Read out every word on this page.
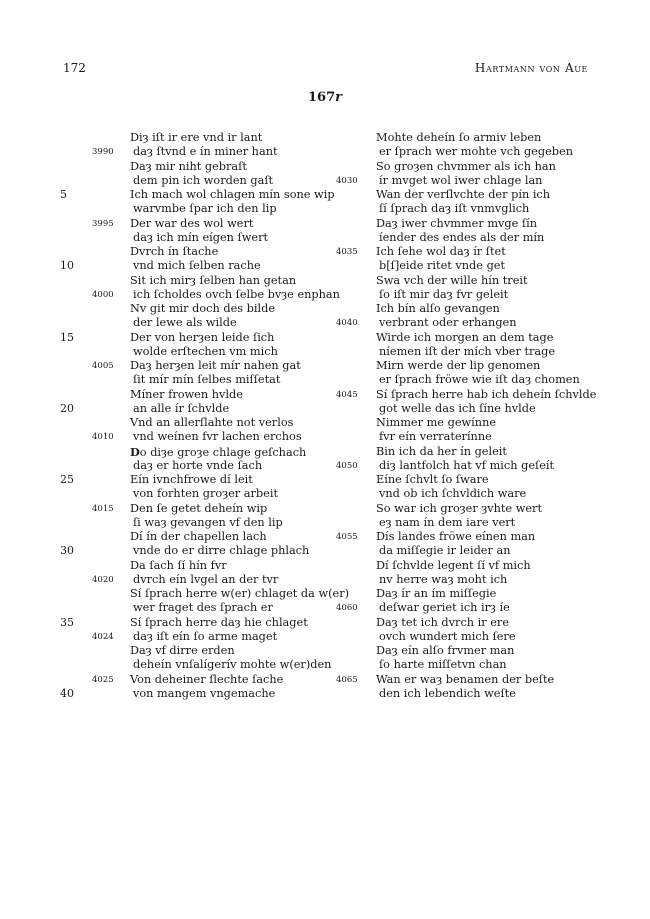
172	Hartmann von Aue
167r
Diȝ iſt ir ere vnd ir lant
3990 daȝ ſtvnd e ín miner hant
Daȝ mir niht gebraſt
dem pin ich worden gaſt
5	Ich mach wol chlagen mín sone wip
warvmbe ſpar ich den lip
3995 Der war des wol wert
daȝ ich mín eígen ſwert
Dvrch ín ſtache
10	vnd mich ſelben rache
Sit ich mirȝ ſelben han getan
4000 ich ſcholdes ovch ſelbe bvȝe enphan
Nv git mir doch des bilde
der lewe als wilde
15	Der von herȝen leide ſich
wolde erſtechen vm mich
4005 Daȝ herȝen leit mír nahen gat
ſit mír mín ſelbes miſſetat
Míner frowen hvlde
20	an alle ír ſchvlde
Vnd an allerſlahte not verlos
4010 vnd weínen fvr lachen erchos
Do diȝe groȝe chlage geſchach
daȝ er horte vnde ſach
25	Eín ivnchfrowe dí leit
von forhten groȝer arbeit
4015 Den ſe getet deheín wip
ſi waȝ gevangen vf den lip
Dí ín der chapellen lach
30	vnde do er dirre chlage phlach
Da ſach ſí hín fvr
4020 dvrch eín lvgel an der tvr
Sí ſprach herre w(er) chlaget da w(er)
wer fraget des ſprach er
35	Sí ſprach herre daȝ hie chlaget
4024 daȝ iſt eín ſo arme maget
Daȝ vf dirre erden
deheín vnſalígerív mohte w(er)den
4025 Von deheiner ſlechte ſache
40	von mangem vngemache
Mohte deheín ſo armiv leben
er ſprach wer mohte vch gegeben
So groȝen chvmmer als ich han
4030 ír mvget wol iwer chlage lan
Wan der verſlvchte der pín ich
ſí ſprach daȝ iſt vnmvglich
Daȝ iwer chvmmer mvge ſín
íender des endes als der mín
4035 Ich ſehe wol daȝ ír ſtet
b[ſ]eide ritet vnde get
Swa vch der wille hín treit
ſo iſt mir daȝ fvr geleit
Ich bín alſo gevangen
4040 verbrant oder erhangen
Wirde ich morgen an dem tage
níemen iſt der mích vber trage
Mirn werde der lip genomen
er ſprach frӧwe wie iſt daȝ chomen
4045 Sí ſprach herre hab ich deheín ſchvlde
got welle das ich ſíne hvlde
Nimmer me gewínne
fvr eín verraterínne
Bin ich da her ín geleit
4050 diȝ lantfolch hat vf mich geſeít
Eíne ſchvlt ſo ſware
vnd ob ich ſchvldich ware
So war ich groȝer ȝvhte wert
eȝ nam ín dem iare vert
4055 Dís landes frӧwe eínen man
da miſſegie ir leider an
Dí ſchvlde legent ſí vf mich
nv herre waȝ moht ich
Daȝ ír an ím miſſegie
4060 deſwar geriet ich irȝ íe
Daȝ tet ich dvrch ir ere
ovch wundert mich ſere
Daȝ eín alſo frvmer man
ſo harte miſſetvn chan
4065 Wan er waȝ benamen der beſte
den ich lebendich weſte
